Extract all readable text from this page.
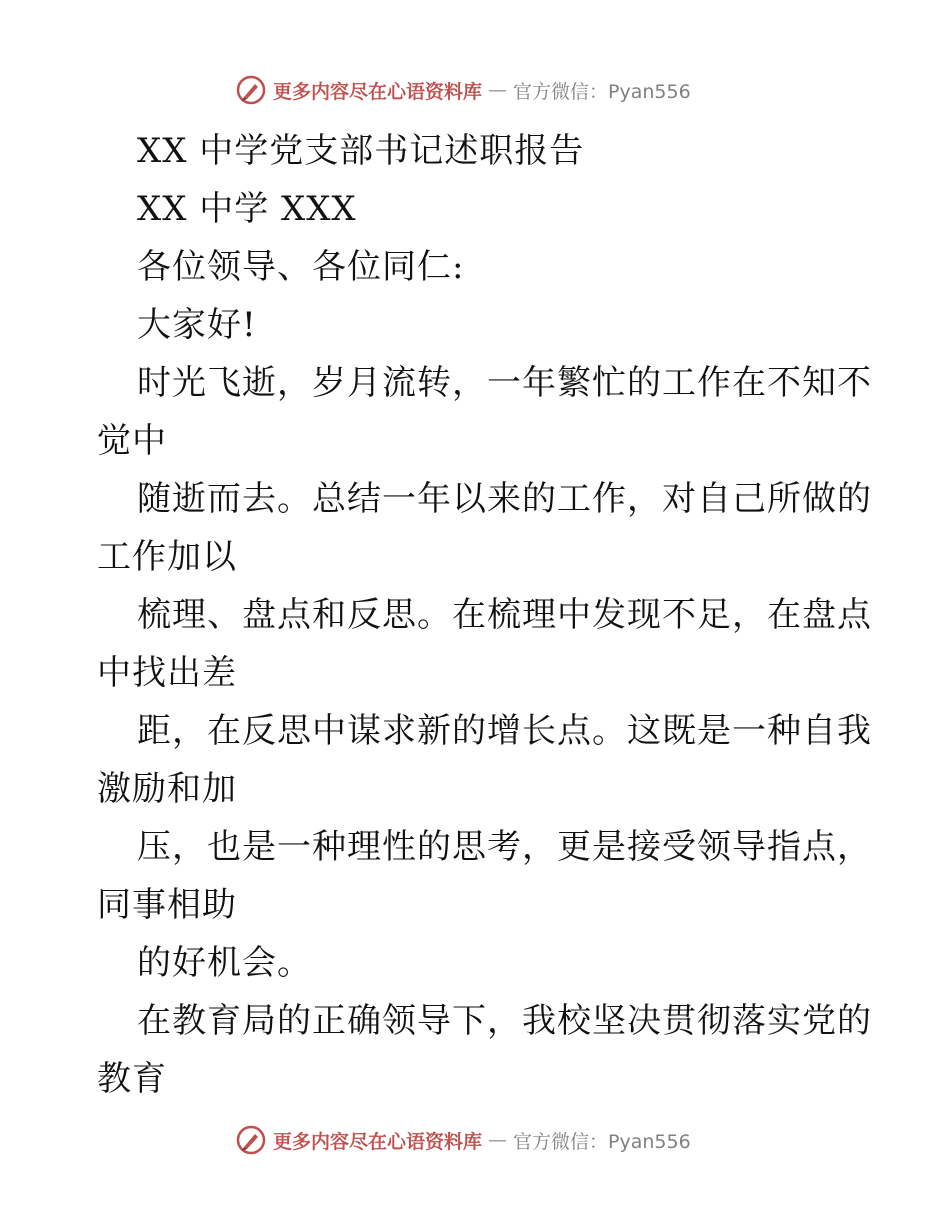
更多内容尽在心语资料库 — 官方微信：Pyan556
XX 中学党支部书记述职报告
XX 中学 XXX
各位领导、各位同仁:
大家好!
时光飞逝，岁月流转，一年繁忙的工作在不知不
觉中
随逝而去。总结一年以来的工作，对自己所做的
工作加以
梳理、盘点和反思。在梳理中发现不足，在盘点
中找出差
距，在反思中谋求新的增长点。这既是一种自我
激励和加
压，也是一种理性的思考，更是接受领导指点，
同事相助
的好机会。
在教育局的正确领导下，我校坚决贯彻落实党的
教育
更多内容尽在心语资料库 — 官方微信：Pyan556
